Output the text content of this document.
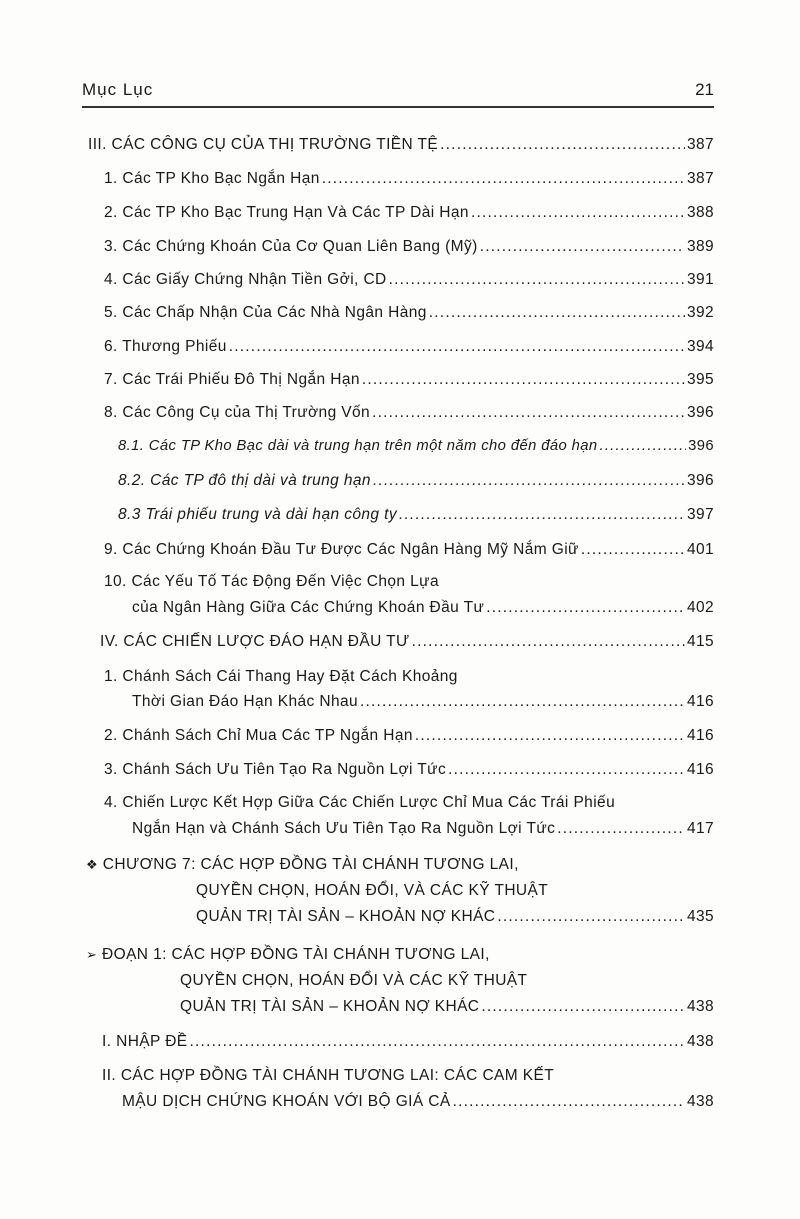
Mục Lục	21
III. CÁC CÔNG CỤ CỦA THỊ TRƯỜNG TIỀN TỆ .....	387
1. Các TP Kho Bạc Ngắn Hạn .....	387
2. Các TP Kho Bạc Trung Hạn Và Các TP Dài Hạn .....	388
3. Các Chứng Khoán Của Cơ Quan Liên Bang (Mỹ) .....	389
4. Các Giấy Chứng Nhận Tiền Gởi, CD .....	391
5. Các Chấp Nhận Của Các Nhà Ngân Hàng .....	392
6. Thương Phiếu .....	394
7. Các Trái Phiếu Đô Thị Ngắn Hạn .....	395
8. Các Công Cụ của Thị Trường Vốn .....	396
8.1. Các TP Kho Bạc dài và trung hạn trên một năm cho đến đáo hạn .....	396
8.2. Các TP đô thị dài và trung hạn .....	396
8.3 Trái phiếu trung và dài hạn công ty .....	397
9. Các Chứng Khoán Đầu Tư Được Các Ngân Hàng Mỹ Nắm Giữ .....	401
10. Các Yếu Tố Tác Động Đến Việc Chọn Lựa
của Ngân Hàng Giữa Các Chứng Khoán Đầu Tư .....	402
IV. CÁC CHIẾN LƯỢC ĐÁO HẠN ĐẦU TƯ .....	415
1. Chánh Sách Cái Thang Hay Đặt Cách Khoảng
Thời Gian Đáo Hạn Khác Nhau .....	416
2. Chánh Sách Chỉ Mua Các TP Ngắn Hạn .....	416
3. Chánh Sách Ưu Tiên Tạo Ra Nguồn Lợi Tức .....	416
4. Chiến Lược Kết Hợp Giữa Các Chiến Lược Chỉ Mua Các Trái Phiếu
Ngắn Hạn và Chánh Sách Ưu Tiên Tạo Ra Nguồn Lợi Tức .....	417
❖ CHƯƠNG 7: CÁC HỢP ĐỒNG TÀI CHÁNH TƯƠNG LAI,
QUYỀN CHỌN, HOÁN ĐỔI, VÀ CÁC KỸ THUẬT
QUẢN TRỊ TÀI SẢN – KHOẢN NỢ KHÁC .....	435
➢ ĐOẠN 1: CÁC HỢP ĐỒNG TÀI CHÁNH TƯƠNG LAI,
QUYỀN CHỌN, HOÁN ĐỔI VÀ CÁC KỸ THUẬT
QUẢN TRỊ TÀI SẢN – KHOẢN NỢ KHÁC .....	438
I. NHẬP ĐỀ .....	438
II. CÁC HỢP ĐỒNG TÀI CHÁNH TƯƠNG LAI: CÁC CAM KẾT
MẬU DỊCH CHỨNG KHOÁN VỚI BỘ GIÁ CẢ .....	438
